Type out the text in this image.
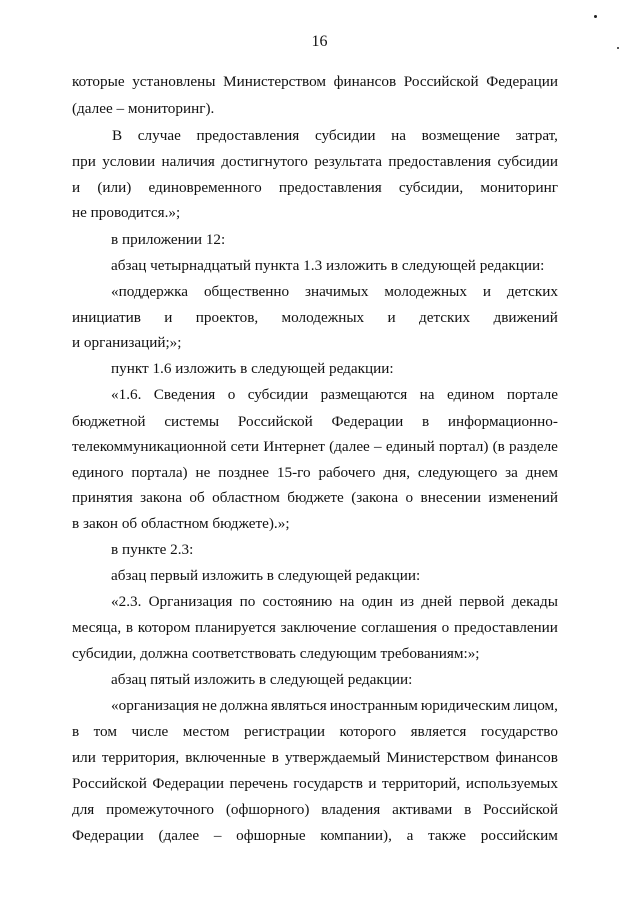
16
которые установлены Министерством финансов Российской Федерации
(далее – мониторинг).
В случае предоставления субсидии на возмещение затрат,
при условии наличия достигнутого результата предоставления субсидии
и (или) единовременного предоставления субсидии, мониторинг
не проводится.»;
в приложении 12:
абзац четырнадцатый пункта 1.3 изложить в следующей редакции:
«поддержка общественно значимых молодежных и детских
инициатив и проектов, молодежных и детских движений
и организаций;»;
пункт 1.6 изложить в следующей редакции:
«1.6. Сведения о субсидии размещаются на едином портале
бюджетной системы Российской Федерации в информационно-
телекоммуникационной сети Интернет (далее – единый портал) (в разделе
единого портала) не позднее 15-го рабочего дня, следующего за днем
принятия закона об областном бюджете (закона о внесении изменений
в закон об областном бюджете).»;
в пункте 2.3:
абзац первый изложить в следующей редакции:
«2.3. Организация по состоянию на один из дней первой декады
месяца, в котором планируется заключение соглашения о предоставлении
субсидии, должна соответствовать следующим требованиям:»;
абзац пятый изложить в следующей редакции:
«организация не должна являться иностранным юридическим лицом,
в том числе местом регистрации которого является государство
или территория, включенные в утверждаемый Министерством финансов
Российской Федерации перечень государств и территорий, используемых
для промежуточного (офшорного) владения активами в Российской
Федерации (далее – офшорные компании), а также российским
